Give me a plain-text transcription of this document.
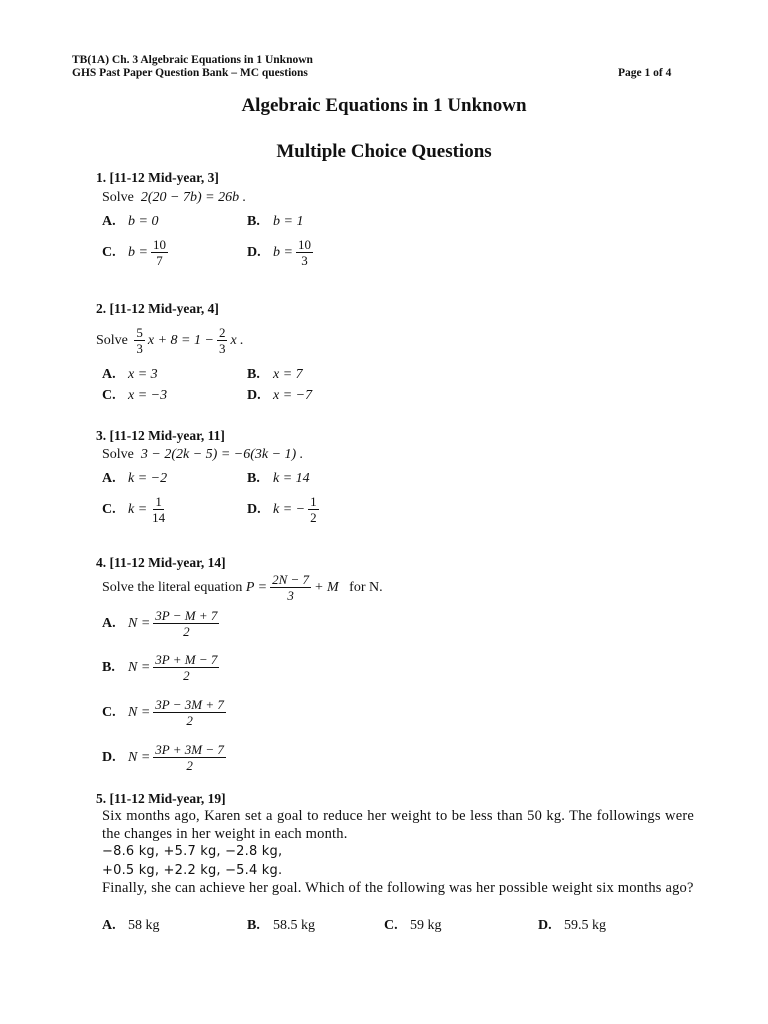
TB(1A) Ch. 3 Algebraic Equations in 1 Unknown
GHS Past Paper Question Bank – MC questions	Page 1 of 4
Algebraic Equations in 1 Unknown
Multiple Choice Questions
1. [11-12 Mid-year, 3]
Solve 2(20 − 7b) = 26b .
A. b = 0	B. b = 1
C. $b = \frac{10}{7}$	D. $b = \frac{10}{3}$
2. [11-12 Mid-year, 4]
Solve
$\frac{5}{3}$ $x + 8 = 1 - \frac{2}{3}$ x .
A. x = 3	B. x = 7
C. x = −3	D. x = −7
3. [11-12 Mid-year, 11]
Solve 3 − 2(2k − 5) = −6(3k − 1) .
A. k = −2	B. k = 14
C. $k = \frac{1}{14}$	D. k = − $\frac{1}{2}$
4. [11-12 Mid-year, 14]
Solve the literal equation
$P = \frac{2N - 7}{3} + M$
for N.
A. $N = \frac{3P - M + 7}{2}$
B. $N = \frac{3P + M - 7}{2}$
C. $N = \frac{3P - 3M + 7}{2}$
D. $N = \frac{3P + 3M - 7}{2}$
5. [11-12 Mid-year, 19]
Six months ago, Karen set a goal to reduce her weight to be less than 50 kg. The followings were the changes in her weight in each month.
−8.6 kg, +5.7 kg, −2.8 kg,
+0.5 kg, +2.2 kg, −5.4 kg.
Finally, she can achieve her goal. Which of the following was her possible weight six months ago?
A. 58 kg	B. 58.5 kg	C. 59 kg	D. 59.5 kg
